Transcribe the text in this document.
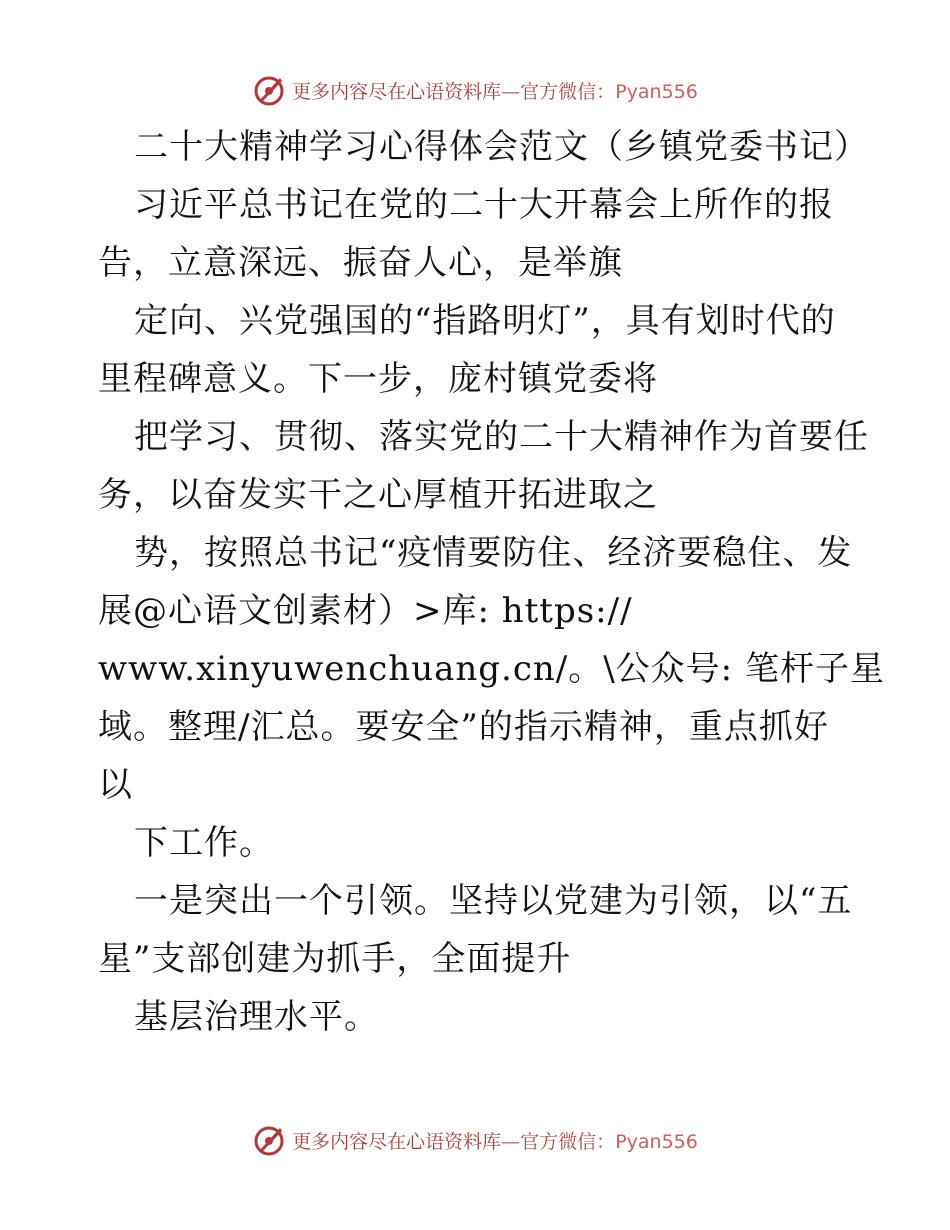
更多内容尽在心语资料库—官方微信：Pyan556
二十大精神学习心得体会范文（乡镇党委书记）
习近平总书记在党的二十大开幕会上所作的报
告，立意深远、振奋人心，是举旗
定向、兴党强国的“指路明灯”，具有划时代的
里程碑意义。下一步，庞村镇党委将
把学习、贯彻、落实党的二十大精神作为首要任
务，以奋发实干之心厚植开拓进取之
势，按照总书记“疫情要防住、经济要稳住、发
展@心语文创素材）>库: https://
www.xinyuwenchuang.cn/。\公众号: 笔杆子星
域。整理/汇总。要安全”的指示精神，重点抓好
以
下工作。
一是突出一个引领。坚持以党建为引领，以“五
星”支部创建为抓手，全面提升
基层治理水平。
更多内容尽在心语资料库—官方微信：Pyan556
